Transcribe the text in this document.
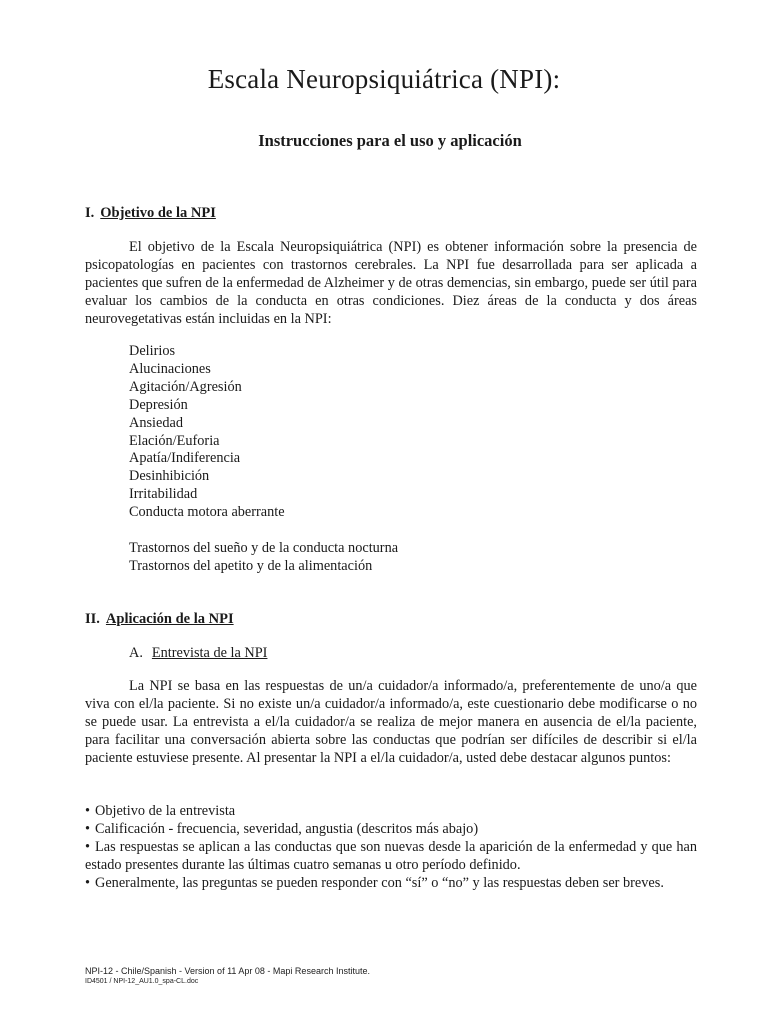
Escala Neuropsiquiátrica (NPI):
Instrucciones para el uso y aplicación
I. Objetivo de la NPI

El objetivo de la Escala Neuropsiquiátrica (NPI) es obtener información sobre la presencia de psicopatologías en pacientes con trastornos cerebrales. La NPI fue desarrollada para ser aplicada a pacientes que sufren de la enfermedad de Alzheimer y de otras demencias, sin embargo, puede ser útil para evaluar los cambios de la conducta en otras condiciones. Diez áreas de la conducta y dos áreas neurovegetativas están incluidas en la NPI:

Delirios
Alucinaciones
Agitación/Agresión
Depresión
Ansiedad
Elación/Euforia
Apatía/Indiferencia
Desinhibición
Irritabilidad
Conducta motora aberrante
Trastornos del sueño y de la conducta nocturna
Trastornos del apetito y de la alimentación
II. Aplicación de la NPI

A. Entrevista de la NPI

La NPI se basa en las respuestas de un/a cuidador/a informado/a, preferentemente de uno/a que viva con el/la paciente. Si no existe un/a cuidador/a informado/a, este cuestionario debe modificarse o no se puede usar. La entrevista a el/la cuidador/a se realiza de mejor manera en ausencia de el/la paciente, para facilitar una conversación abierta sobre las conductas que podrían ser difíciles de describir si el/la paciente estuviese presente. Al presentar la NPI a el/la cuidador/a, usted debe destacar algunos puntos:

• Objetivo de la entrevista
• Calificación - frecuencia, severidad, angustia (descritos más abajo)
• Las respuestas se aplican a las conductas que son nuevas desde la aparición de la enfermedad y que han estado presentes durante las últimas cuatro semanas u otro período definido.
• Generalmente, las preguntas se pueden responder con “sí” o “no” y las respuestas deben ser breves.
NPI-12 - Chile/Spanish - Version of 11 Apr 08 - Mapi Research Institute.
ID4501 / NPI-12_AU1.0_spa-CL.doc
